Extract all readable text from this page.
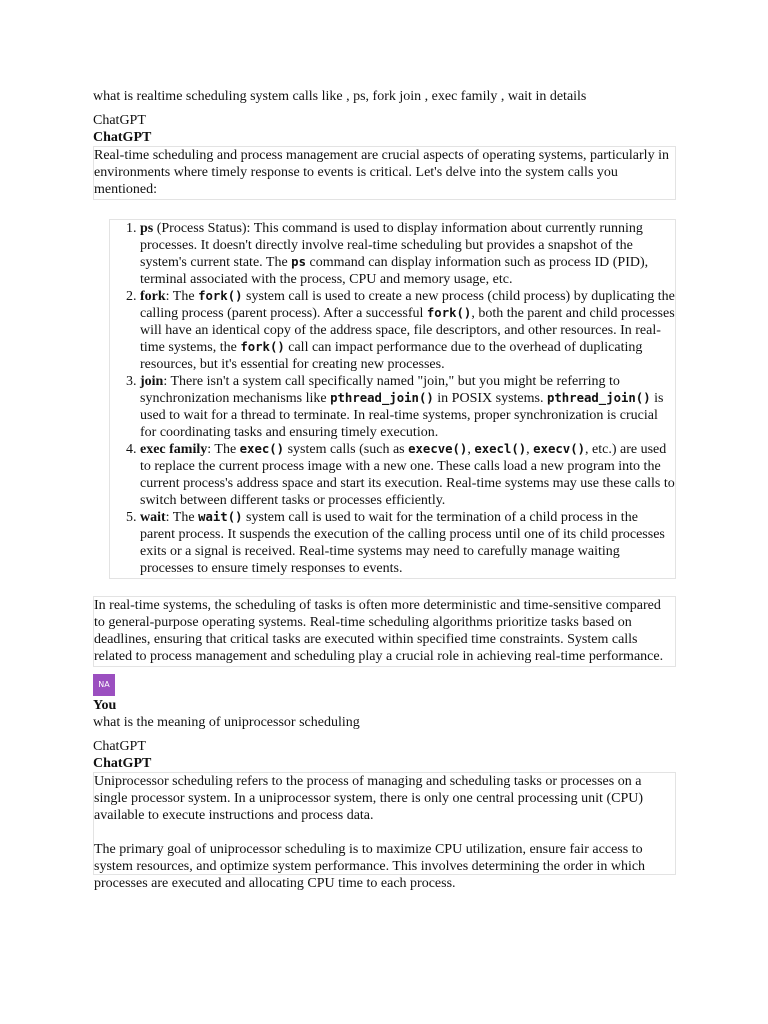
what is realtime scheduling system calls like , ps, fork join , exec family , wait in details
ChatGPT
ChatGPT
Real-time scheduling and process management are crucial aspects of operating systems, particularly in environments where timely response to events is critical. Let's delve into the system calls you mentioned:
1. ps (Process Status): This command is used to display information about currently running processes. It doesn't directly involve real-time scheduling but provides a snapshot of the system's current state. The ps command can display information such as process ID (PID), terminal associated with the process, CPU and memory usage, etc.
2. fork: The fork() system call is used to create a new process (child process) by duplicating the calling process (parent process). After a successful fork(), both the parent and child processes will have an identical copy of the address space, file descriptors, and other resources. In real-time systems, the fork() call can impact performance due to the overhead of duplicating resources, but it's essential for creating new processes.
3. join: There isn't a system call specifically named "join," but you might be referring to synchronization mechanisms like pthread_join() in POSIX systems. pthread_join() is used to wait for a thread to terminate. In real-time systems, proper synchronization is crucial for coordinating tasks and ensuring timely execution.
4. exec family: The exec() system calls (such as execve(), execl(), execv(), etc.) are used to replace the current process image with a new one. These calls load a new program into the current process's address space and start its execution. Real-time systems may use these calls to switch between different tasks or processes efficiently.
5. wait: The wait() system call is used to wait for the termination of a child process in the parent process. It suspends the execution of the calling process until one of its child processes exits or a signal is received. Real-time systems may need to carefully manage waiting processes to ensure timely responses to events.
In real-time systems, the scheduling of tasks is often more deterministic and time-sensitive compared to general-purpose operating systems. Real-time scheduling algorithms prioritize tasks based on deadlines, ensuring that critical tasks are executed within specified time constraints. System calls related to process management and scheduling play a crucial role in achieving real-time performance.
NA
You
what is the meaning of uniprocessor scheduling
ChatGPT
ChatGPT

Uniprocessor scheduling refers to the process of managing and scheduling tasks or processes on a single processor system. In a uniprocessor system, there is only one central processing unit (CPU) available to execute instructions and process data.

The primary goal of uniprocessor scheduling is to maximize CPU utilization, ensure fair access to system resources, and optimize system performance. This involves determining the order in which processes are executed and allocating CPU time to each process.
